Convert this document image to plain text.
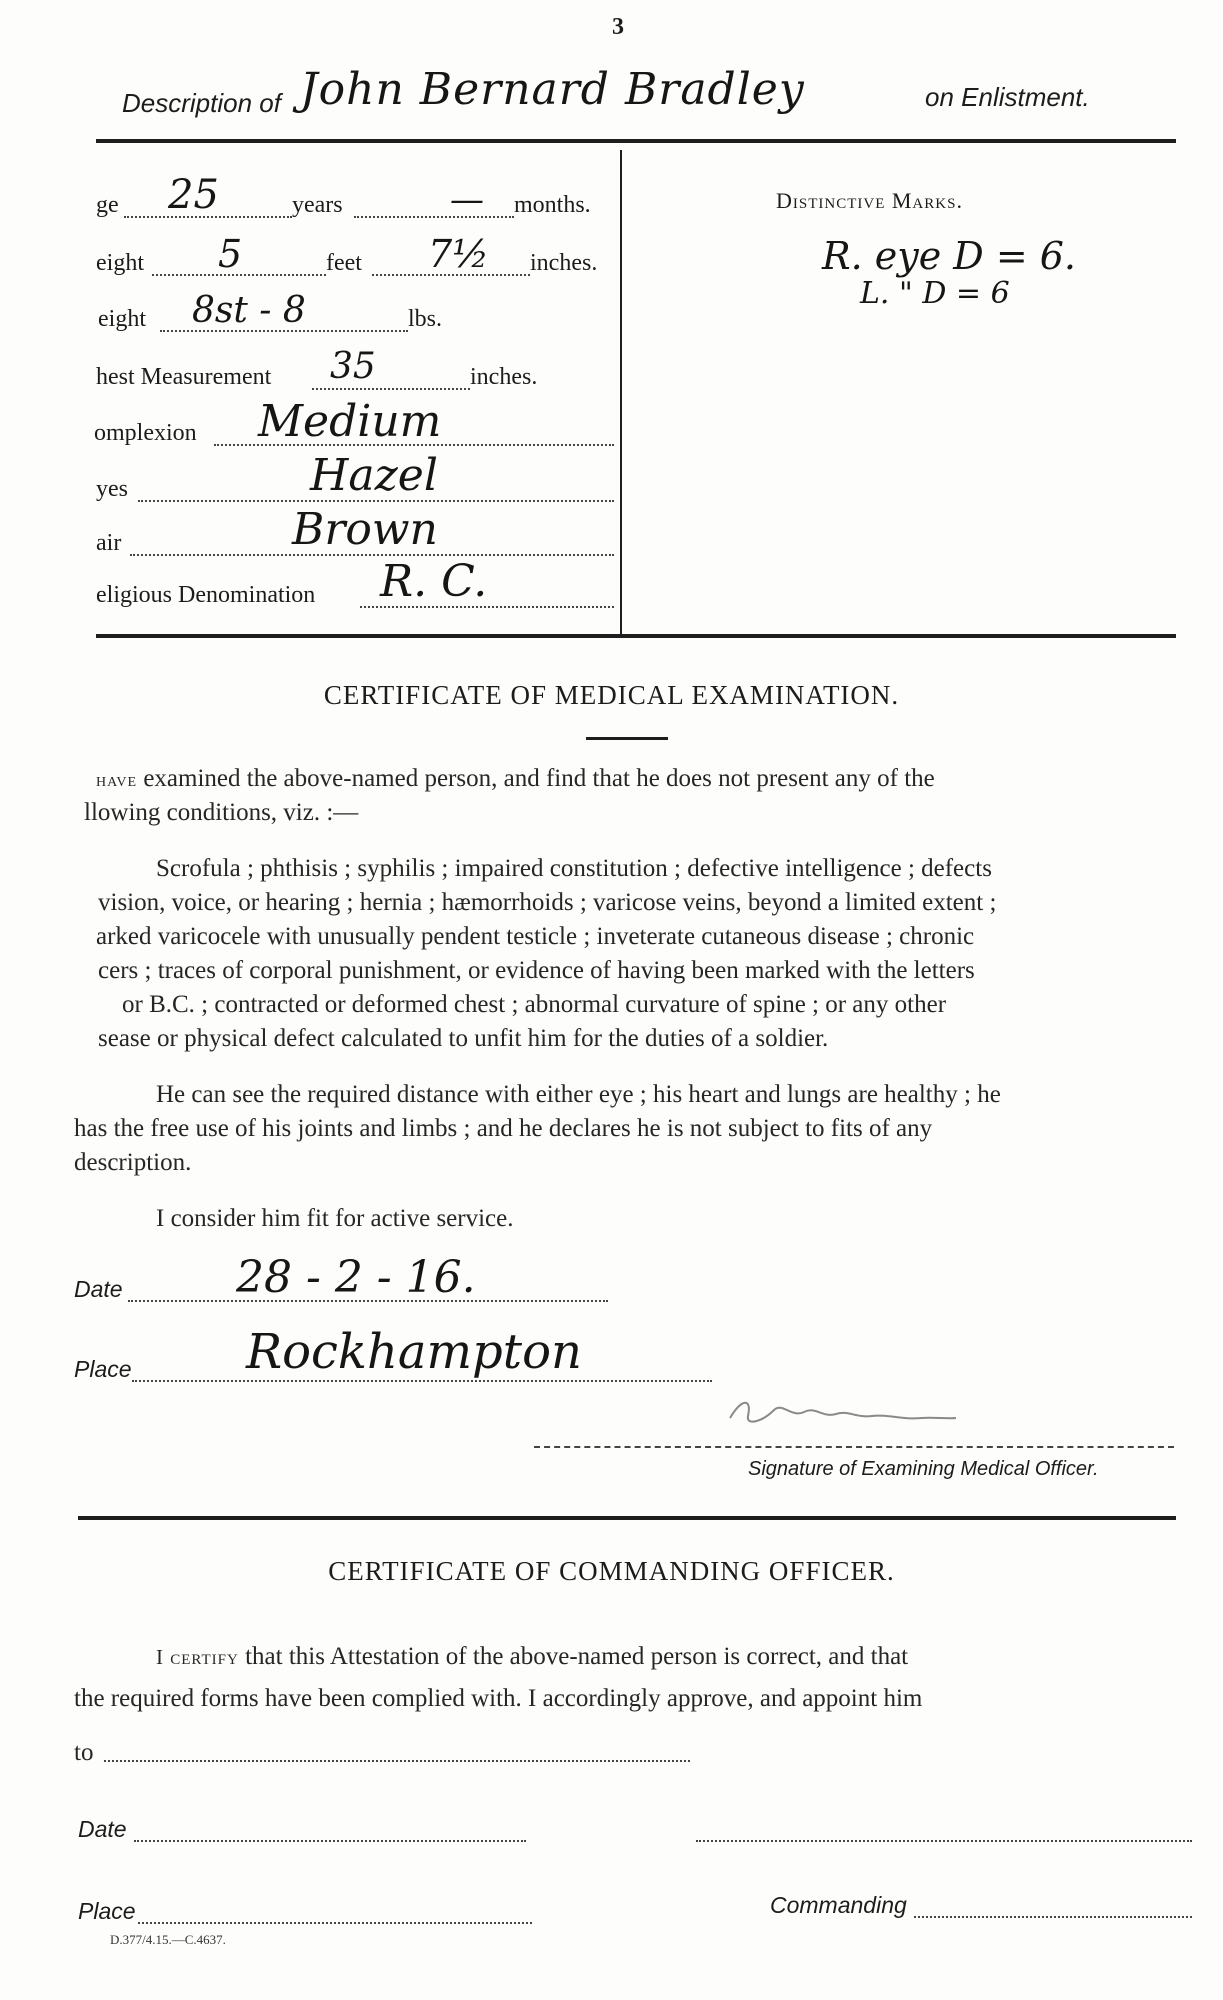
3
Description of John Bernard Bradley	on Enlistment.
ge 25	years	— months.
eight 5	feet 7½ inches.
eight 8st - 8	lbs.
hest Measurement 35	inches.
omplexion Medium
yes	Hazel
air	Brown
eligious Denomination R. C.
Distinctive Marks.
R. eye D = 6.
L. " D = 6
CERTIFICATE OF MEDICAL EXAMINATION.
have examined the above-named person, and find that he does not present any of the
llowing conditions, viz. :—
Scrofula ; phthisis ; syphilis ; impaired constitution ; defective intelligence ; defects
vision, voice, or hearing ; hernia ; hæmorrhoids ; varicose veins, beyond a limited extent ;
arked varicocele with unusually pendent testicle ; inveterate cutaneous disease ; chronic
cers ; traces of corporal punishment, or evidence of having been marked with the letters
or B.C. ; contracted or deformed chest ; abnormal curvature of spine ; or any other
sease or physical defect calculated to unfit him for the duties of a soldier.
He can see the required distance with either eye ; his heart and lungs are healthy ; he
has the free use of his joints and limbs ; and he declares he is not subject to fits of any
description.
I consider him fit for active service.
Date	28 - 2 - 16.
Place Rockhampton
Signature of Examining Medical Officer.
CERTIFICATE OF COMMANDING OFFICER.
I certify that this Attestation of the above-named person is correct, and that
the required forms have been complied with. I accordingly approve, and appoint him
to
Date
Place	Commanding
D.377/4.15.—C.4637.
